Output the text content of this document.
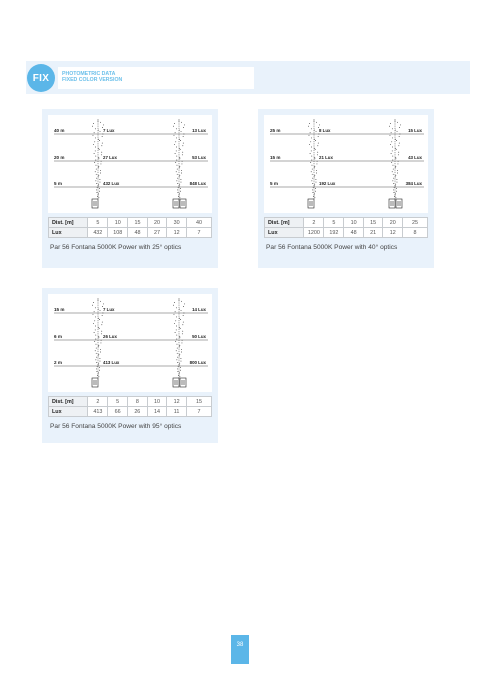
FIX	PHOTOMETRIC DATA
FIXED COLOR VERSION
40 m	7 Lux	13 Lux
20 m	27 Lux	53 Lux
5 m	432 Lux	848 Lux
Dist. [m]	5	10	15	20	30	40
Lux	432	108	48	27	12	7
Par 56 Fontana 5000K Power with 25° optics
25 m	8 Lux	15 Lux
15 m	21 Lux	43 Lux
5 m	192 Lux	384 Lux
Dist. [m]	2	5	10	15	20	25
Lux	1200	192	48	21	12	8
Par 56 Fontana 5000K Power with 40° optics
15 m	7 Lux	14 Lux
6 m	26 Lux	50 Lux
2 m	413 Lux	800 Lux
Dist. [m]	2	5	8	10	12	15
Lux	413	66	26	14	11	7
Par 56 Fontana 5000K Power with 95° optics
38
